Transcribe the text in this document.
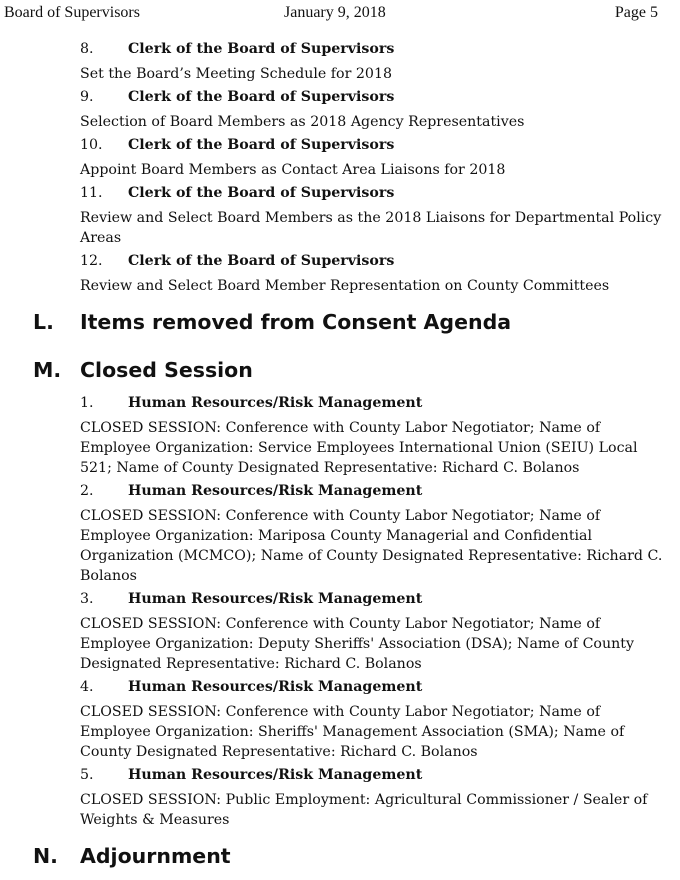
Board of Supervisors	January 9, 2018	Page 5
8. Clerk of the Board of Supervisors
Set the Board’s Meeting Schedule for 2018
9. Clerk of the Board of Supervisors
Selection of Board Members as 2018 Agency Representatives
10. Clerk of the Board of Supervisors
Appoint Board Members as Contact Area Liaisons for 2018
11. Clerk of the Board of Supervisors
Review and Select Board Members as the 2018 Liaisons for Departmental Policy Areas
12. Clerk of the Board of Supervisors
Review and Select Board Member Representation on County Committees
L. Items removed from Consent Agenda
M. Closed Session
1. Human Resources/Risk Management
CLOSED SESSION: Conference with County Labor Negotiator; Name of Employee Organization: Service Employees International Union (SEIU) Local 521; Name of County Designated Representative: Richard C. Bolanos
2. Human Resources/Risk Management
CLOSED SESSION: Conference with County Labor Negotiator; Name of Employee Organization: Mariposa County Managerial and Confidential Organization (MCMCO); Name of County Designated Representative: Richard C. Bolanos
3. Human Resources/Risk Management
CLOSED SESSION: Conference with County Labor Negotiator; Name of Employee Organization: Deputy Sheriffs' Association (DSA); Name of County Designated Representative: Richard C. Bolanos
4. Human Resources/Risk Management
CLOSED SESSION: Conference with County Labor Negotiator; Name of Employee Organization: Sheriffs' Management Association (SMA); Name of County Designated Representative: Richard C. Bolanos
5. Human Resources/Risk Management
CLOSED SESSION: Public Employment: Agricultural Commissioner / Sealer of Weights & Measures
N. Adjournment
